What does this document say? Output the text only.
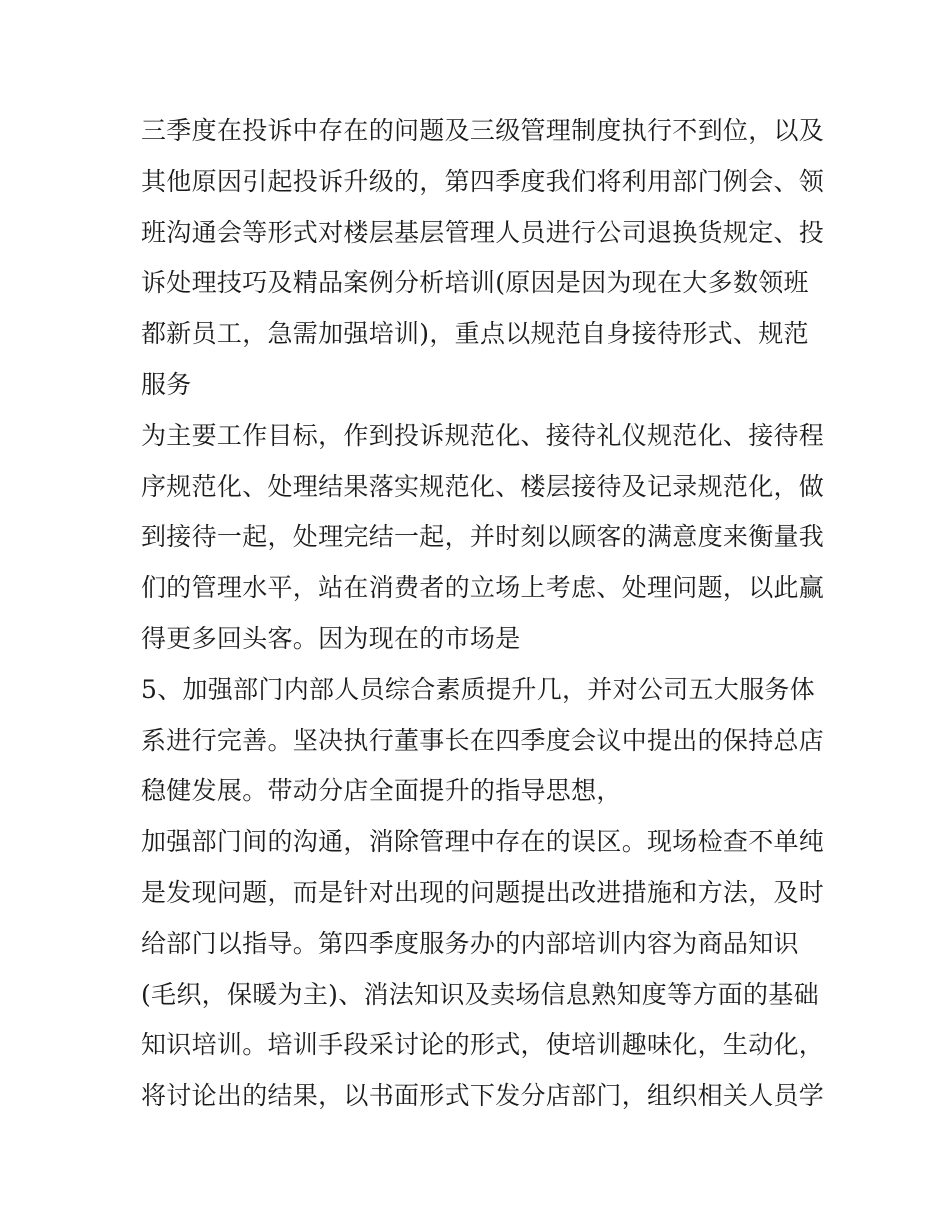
三季度在投诉中存在的问题及三级管理制度执行不到位，以及
其他原因引起投诉升级的，第四季度我们将利用部门例会、领
班沟通会等形式对楼层基层管理人员进行公司退换货规定、投
诉处理技巧及精品案例分析培训(原因是因为现在大多数领班
都新员工，急需加强培训)，重点以规范自身接待形式、规范
服务
为主要工作目标，作到投诉规范化、接待礼仪规范化、接待程
序规范化、处理结果落实规范化、楼层接待及记录规范化，做
到接待一起，处理完结一起，并时刻以顾客的满意度来衡量我
们的管理水平，站在消费者的立场上考虑、处理问题，以此赢
得更多回头客。因为现在的市场是
5、加强部门内部人员综合素质提升几，并对公司五大服务体
系进行完善。坚决执行董事长在四季度会议中提出的保持总店
稳健发展。带动分店全面提升的指导思想，
加强部门间的沟通，消除管理中存在的误区。现场检查不单纯
是发现问题，而是针对出现的问题提出改进措施和方法，及时
给部门以指导。第四季度服务办的内部培训内容为商品知识
(毛织，保暖为主)、消法知识及卖场信息熟知度等方面的基础
知识培训。培训手段采讨论的形式，使培训趣味化，生动化，
将讨论出的结果，以书面形式下发分店部门，组织相关人员学
